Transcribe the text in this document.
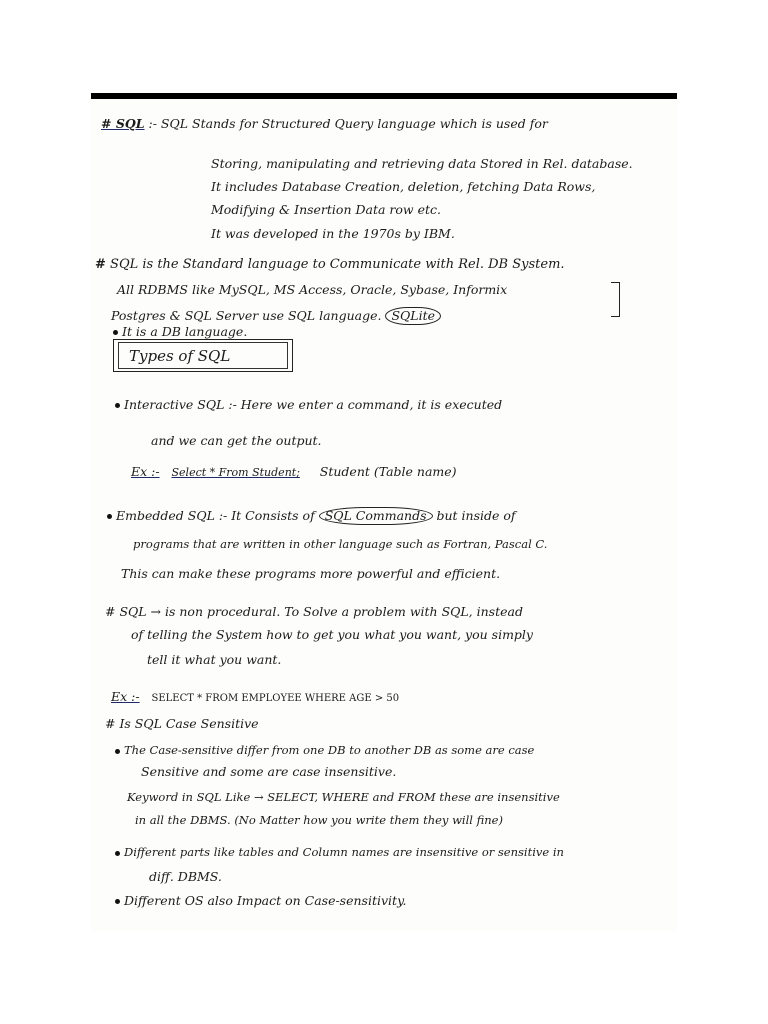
# SQL :- SQL Stands for Structured Query language which is used for

Storing, manipulating and retrieving data Stored in Rel. database.

It includes Database Creation, deletion, fetching Data Rows,

Modifying & Insertion Data row etc.

It was developed in the 1970s by IBM.

# SQL is the Standard language to Communicate with Rel. DB System.

All RDBMS like MySQL, MS Access, Oracle, Sybase, Informix

Postgres & SQL Server use SQL language. SQLite

It is a DB language.

Types of SQL

Interactive SQL :- Here we enter a command, it is executed

and we can get the output.

Ex :- Select * From Student; Student (Table name)

Embedded SQL :- It Consists of SQL Commands but inside of

programs that are written in other language such as Fortran, Pascal C.

This can make these programs more powerful and efficient.

# SQL → is non procedural. To Solve a problem with SQL, instead

of telling the System how to get you what you want, you simply

tell it what you want.

Ex :- SELECT * FROM EMPLOYEE WHERE AGE > 50

# Is SQL Case Sensitive

The Case-sensitive differ from one DB to another DB as some are case

Sensitive and some are case insensitive.

Keyword in SQL Like → SELECT, WHERE and FROM these are insensitive

in all the DBMS. (No Matter how you write them they will fine)

Different parts like tables and Column names are insensitive or sensitive in

diff. DBMS.

Different OS also Impact on Case-sensitivity.
